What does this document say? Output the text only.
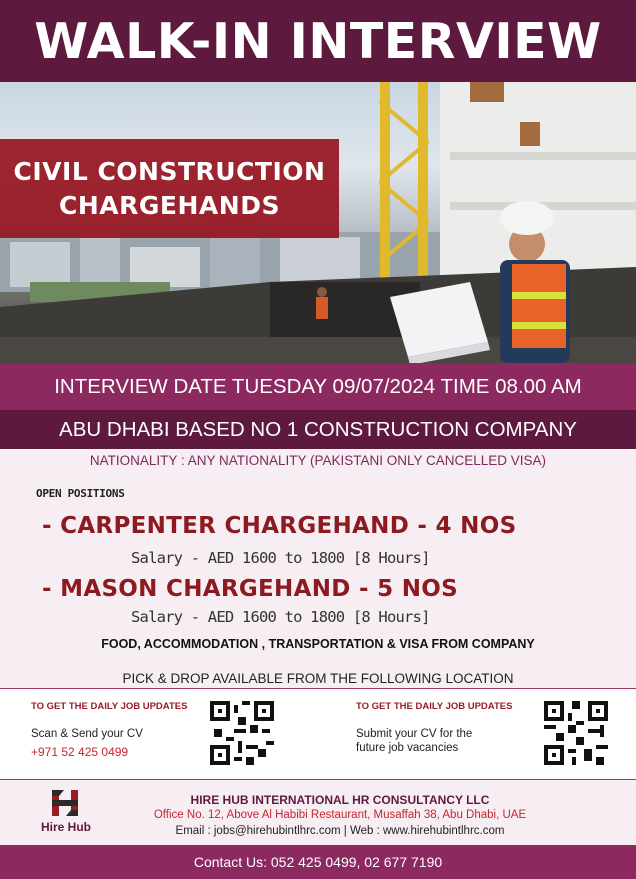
WALK-IN INTERVIEW
CIVIL CONSTRUCTION
CHARGEHANDS
INTERVIEW DATE TUESDAY 09/07/2024 TIME 08.00 AM
ABU DHABI BASED NO 1 CONSTRUCTION COMPANY
NATIONALITY : ANY NATIONALITY (PAKISTANI ONLY CANCELLED VISA)
OPEN POSITIONS
- CARPENTER CHARGEHAND - 4 NOS
Salary - AED 1600 to 1800 [8 Hours]
- MASON CHARGEHAND - 5 NOS
Salary - AED 1600 to 1800 [8 Hours]
FOOD, ACCOMMODATION , TRANSPORTATION & VISA FROM COMPANY
PICK & DROP AVAILABLE FROM THE FOLLOWING LOCATION
TO GET THE DAILY JOB UPDATES
Scan & Send your CV
+971 52 425 0499
TO GET THE DAILY JOB UPDATES
Submit your CV for the
future job vacancies
Hire Hub
HIRE HUB INTERNATIONAL HR CONSULTANCY LLC
Office No. 12, Above Al Habibi Restaurant, Musaffah 38, Abu Dhabi, UAE
Email : jobs@hirehubintlhrc.com | Web : www.hirehubintlhrc.com
Contact Us: 052 425 0499, 02 677 7190
